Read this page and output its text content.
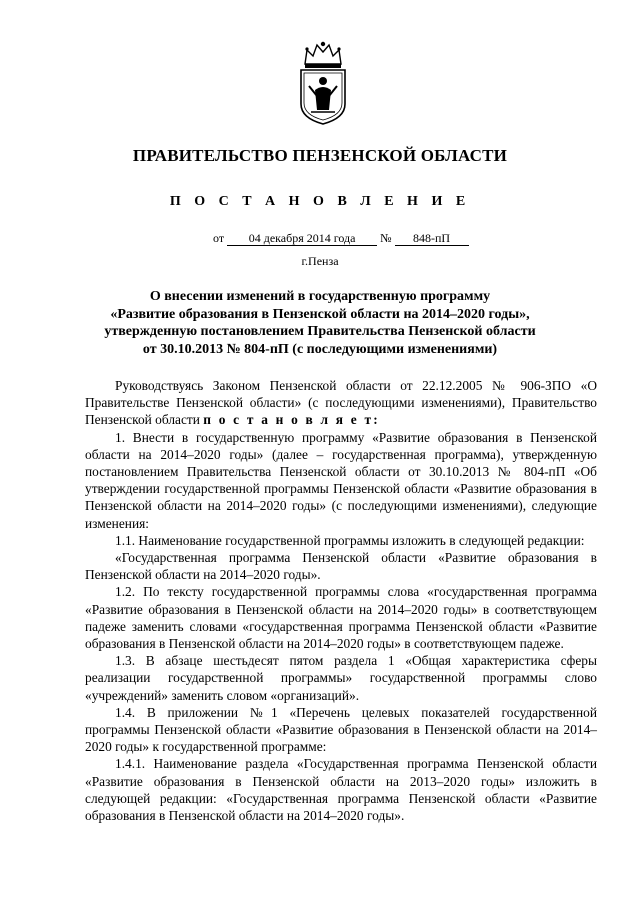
ПРАВИТЕЛЬСТВО ПЕНЗЕНСКОЙ ОБЛАСТИ
П О С Т А Н О В Л Е Н И Е
от 04 декабря 2014 года № 848-пП
г.Пенза
О внесении изменений в государственную программу
«Развитие образования в Пензенской области на 2014–2020 годы»,
утвержденную постановлением Правительства Пензенской области
от 30.10.2013 № 804-пП (с последующими изменениями)

Руководствуясь Законом Пензенской области от 22.12.2005 № 906-ЗПО «О Правительстве Пензенской области» (с последующими изменениями), Правительство Пензенской области п о с т а н о в л я е т:

1. Внести в государственную программу «Развитие образования в Пензенской области на 2014–2020 годы» (далее – государственная программа), утвержденную постановлением Правительства Пензенской области от 30.10.2013 № 804-пП «Об утверждении государственной программы Пензенской области «Развитие образования в Пензенской области на 2014–2020 годы» (с последующими изменениями), следующие изменения:

1.1. Наименование государственной программы изложить в следующей редакции:

«Государственная программа Пензенской области «Развитие образования в Пензенской области на 2014–2020 годы».

1.2. По тексту государственной программы слова «государственная программа «Развитие образования в Пензенской области на 2014–2020 годы» в соответствующем падеже заменить словами «государственная программа Пензенской области «Развитие образования в Пензенской области на 2014–2020 годы» в соответствующем падеже.

1.3. В абзаце шестьдесят пятом раздела 1 «Общая характеристика сферы реализации государственной программы» государственной программы слово «учреждений» заменить словом «организаций».

1.4. В приложении №1 «Перечень целевых показателей государственной программы Пензенской области «Развитие образования в Пензенской области на 2014–2020 годы» к государственной программе:

1.4.1. Наименование раздела «Государственная программа Пензенской области «Развитие образования в Пензенской области на 2013–2020 годы» изложить в следующей редакции: «Государственная программа Пензенской области «Развитие образования в Пензенской области на 2014–2020 годы».
